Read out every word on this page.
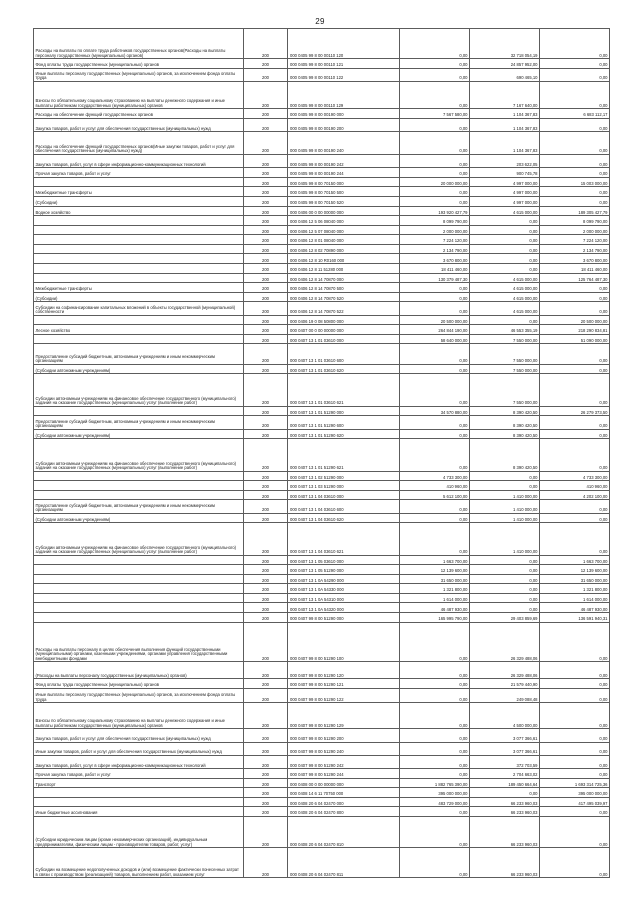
29
Расходы на выплаты по оплате труда работников государственных органов(Расходы на выплаты персоналу государственных (муниципальных) органов)	200	000 0405 99 8 00 00110 120	0,00	32 718 054,19	0,00
Фонд оплаты труда государственных (муниципальных) органов	200	000 0405 99 8 00 00110 121	0,00	24 857 952,00	0,00
Иные выплаты персоналу государственных (муниципальных) органов, за исключением фонда оплаты труда	200	000 0405 99 8 00 00110 122	0,00	690 465,10	0,00
Взносы по обязательному социальному страхованию на выплаты денежного содержания и иные выплаты работникам государственных (муниципальных) органов	200	000 0405 99 8 00 00110 129	0,00	7 167 640,00	0,00
Расходы на обеспечение функций государственных органов	200	000 0405 99 8 00 00190 000	7 567 580,00	1 104 367,83	6 683 112,17
Закупка товаров, работ и услуг для обеспечения государственных (муниципальных) нужд	200	000 0405 99 8 00 00190 200	0,00	1 104 367,83	0,00
Расходы на обеспечение функций государственных органов(Иные закупки товаров, работ и услуг для обеспечения государственных (муниципальных) нужд)	200	000 0405 99 8 00 00190 240	0,00	1 104 367,83	0,00
Закупка товаров, работ, услуг в сфере информационно-коммуникационных технологий	200	000 0405 99 8 00 00190 242	0,00	203 622,05	0,00
Прочая закупка товаров, работ и услуг	200	000 0405 99 8 00 00190 244	0,00	900 745,78	0,00
	200	000 0405 99 8 00 70150 000	20 000 000,00	4 997 000,00	15 003 000,00
Межбюджетные трансферты	200	000 0405 99 8 00 70150 500	0,00	4 997 000,00	0,00
(Субсидии)	200	000 0405 99 8 00 70150 520	0,00	4 997 000,00	0,00
Водное хозяйство	200	000 0406 00 0 00 00000 000	193 920 427,79	4 615 000,00	189 305 427,79
	200	000 0406 12 5 06 08040 000	8 099 790,00	0,00	8 099 790,00
	200	000 0406 12 5 07 08040 000	2 000 000,00	0,00	2 000 000,00
	200	000 0406 12 8 01 08040 000	7 224 120,00	0,00	7 224 120,00
	200	000 0406 12 8 02 70890 000	2 134 790,00	0,00	2 134 790,00
	200	000 0406 12 8 10 R0160 000	3 670 800,00	0,00	3 670 800,00
	200	000 0406 12 8 11 51280 000	18 411 460,00	0,00	18 411 460,00
	200	000 0406 12 8 14 70870 000	130 379 487,30	4 615 000,00	125 764 487,30
Межбюджетные трансферты	200	000 0406 12 8 14 70870 500	0,00	4 615 000,00	0,00
(Субсидии)	200	000 0406 12 8 14 70870 520	0,00	4 615 000,00	0,00
Субсидии на софинансирование капитальных вложений в объекты государственной (муниципальной) собственности	200	000 0406 12 8 14 70870 522	0,00	4 615 000,00	0,00
	200	000 0406 19 0 08 50800 000	20 500 000,00	0,00	20 500 000,00
Лесное хозяйство	200	000 0407 00 0 00 00000 000	264 844 190,00	46 553 355,19	218 290 834,81
	200	000 0407 13 1 01 03610 000	58 640 000,00	7 550 000,00	51 090 000,00
Предоставление субсидий бюджетным, автономным учреждениям и иным некоммерческим организациям	200	000 0407 13 1 01 03610 600	0,00	7 550 000,00	0,00
(Субсидии автономным учреждениям)	200	000 0407 13 1 01 03610 620	0,00	7 550 000,00	0,00
Субсидии автономным учреждениям на финансовое обеспечение государственного (муниципального) задания на оказание государственных (муниципальных) услуг (выполнение работ)	200	000 0407 13 1 01 03610 621	0,00	7 550 000,00	0,00
	200	000 0407 13 1 01 51290 000	34 570 880,00	8 390 420,50	26 279 373,50
Предоставление субсидий бюджетным, автономным учреждениям и иным некоммерческим организациям	200	000 0407 13 1 01 51290 600	0,00	8 390 420,50	0,00
(Субсидии автономным учреждениям)	200	000 0407 13 1 01 51290 620	0,00	8 390 420,50	0,00
Субсидии автономным учреждениям на финансовое обеспечение государственного (муниципального) задания на оказание государственных (муниципальных) услуг (выполнение работ)	200	000 0407 13 1 01 51290 621	0,00	8 390 420,50	0,00
	200	000 0407 13 1 02 51290 000	4 733 300,00	0,00	4 733 300,00
	200	000 0407 13 1 03 51290 000	410 960,00	0,00	410 960,00
	200	000 0407 13 1 04 03610 000	5 612 100,00	1 410 000,00	4 202 100,00
Предоставление субсидий бюджетным, автономным учреждениям и иным некоммерческим организациям	200	000 0407 13 1 04 03610 600	0,00	1 410 000,00	0,00
(Субсидии автономным учреждениям)	200	000 0407 13 1 04 03610 620	0,00	1 410 000,00	0,00
Субсидии автономным учреждениям на финансовое обеспечение государственного (муниципального) задания на оказание государственных (муниципальных) услуг (выполнение работ)	200	000 0407 13 1 04 03610 621	0,00	1 410 000,00	0,00
	200	000 0407 13 1 05 03610 000	1 663 700,00	0,00	1 663 700,00
	200	000 0407 13 1 05 51290 000	12 139 600,00	0,00	12 139 600,00
	200	000 0407 13 1 0A 54290 000	31 650 000,00	0,00	31 650 000,00
	200	000 0407 13 1 0A 54330 000	1 321 800,00	0,00	1 321 800,00
	200	000 0407 13 1 0A 54310 000	1 614 000,00	0,00	1 614 000,00
	200	000 0407 13 1 0A 54320 000	46 487 930,00	0,00	46 487 930,00
	200	000 0407 99 8 00 51290 000	165 995 790,00	29 403 859,69	136 591 940,31
Расходы на выплаты персоналу в целях обеспечения выполнения функций государственными (муниципальными) органами, казенными учреждениями, органами управления государственными внебюджетными фондами	200	000 0407 99 8 00 51290 100	0,00	26 329 488,06	0,00
(Расходы на выплаты персоналу государственных (муниципальных) органов)	200	000 0407 99 8 00 51290 120	0,00	26 329 488,06	0,00
Фонд оплаты труда государственных (муниципальных) органов	200	000 0407 99 8 00 51290 121	0,00	21 579 440,90	0,00
Иные выплаты персоналу государственных (муниципальных) органов, за исключением фонда оплаты труда	200	000 0407 99 8 00 51290 122	0,00	249 088,48	0,00
Взносы по обязательному социальному страхованию на выплаты денежного содержания и иные выплаты работникам государственных (муниципальных) органов	200	000 0407 99 8 00 51290 129	0,00	4 500 000,00	0,00
Закупка товаров, работ и услуг для обеспечения государственных (муниципальных) нужд	200	000 0407 99 8 00 51290 200	0,00	3 077 366,61	0,00
Иные закупки товаров, работ и услуг для обеспечения государственных (муниципальных) нужд	200	000 0407 99 8 00 51290 240	0,00	3 077 366,61	0,00
Закупка товаров, работ, услуг в сфере информационно-коммуникационных технологий	200	000 0407 99 8 00 51290 242	0,00	372 703,59	0,00
Прочая закупка товаров, работ и услуг	200	000 0407 99 8 00 51290 244	0,00	2 704 663,02	0,00
Транспорт	200	000 0408 00 0 00 00000 000	1 882 765 390,00	189 450 664,64	1 693 314 725,36
	200	000 0408 14 6 11 70750 000	395 000 000,00	0,00	395 000 000,00
	200	000 0408 20 6 04 02470 000	483 729 000,00	66 233 960,03	417 495 039,97
Иные бюджетные ассигнования	200	000 0408 20 6 04 02470 800	0,00	66 233 960,03	0,00
(Субсидии юридическим лицам (кроме некоммерческих организаций), индивидуальным предпринимателям, физическим лицам - производителям товаров, работ, услуг)	200	000 0408 20 6 04 02470 810	0,00	66 233 960,03	0,00
Субсидии на возмещение недополученных доходов и (или) возмещение фактически понесенных затрат в связи с производством (реализацией) товаров, выполнением работ, оказанием услуг	200	000 0408 20 6 04 02470 811	0,00	66 233 960,03	0,00
